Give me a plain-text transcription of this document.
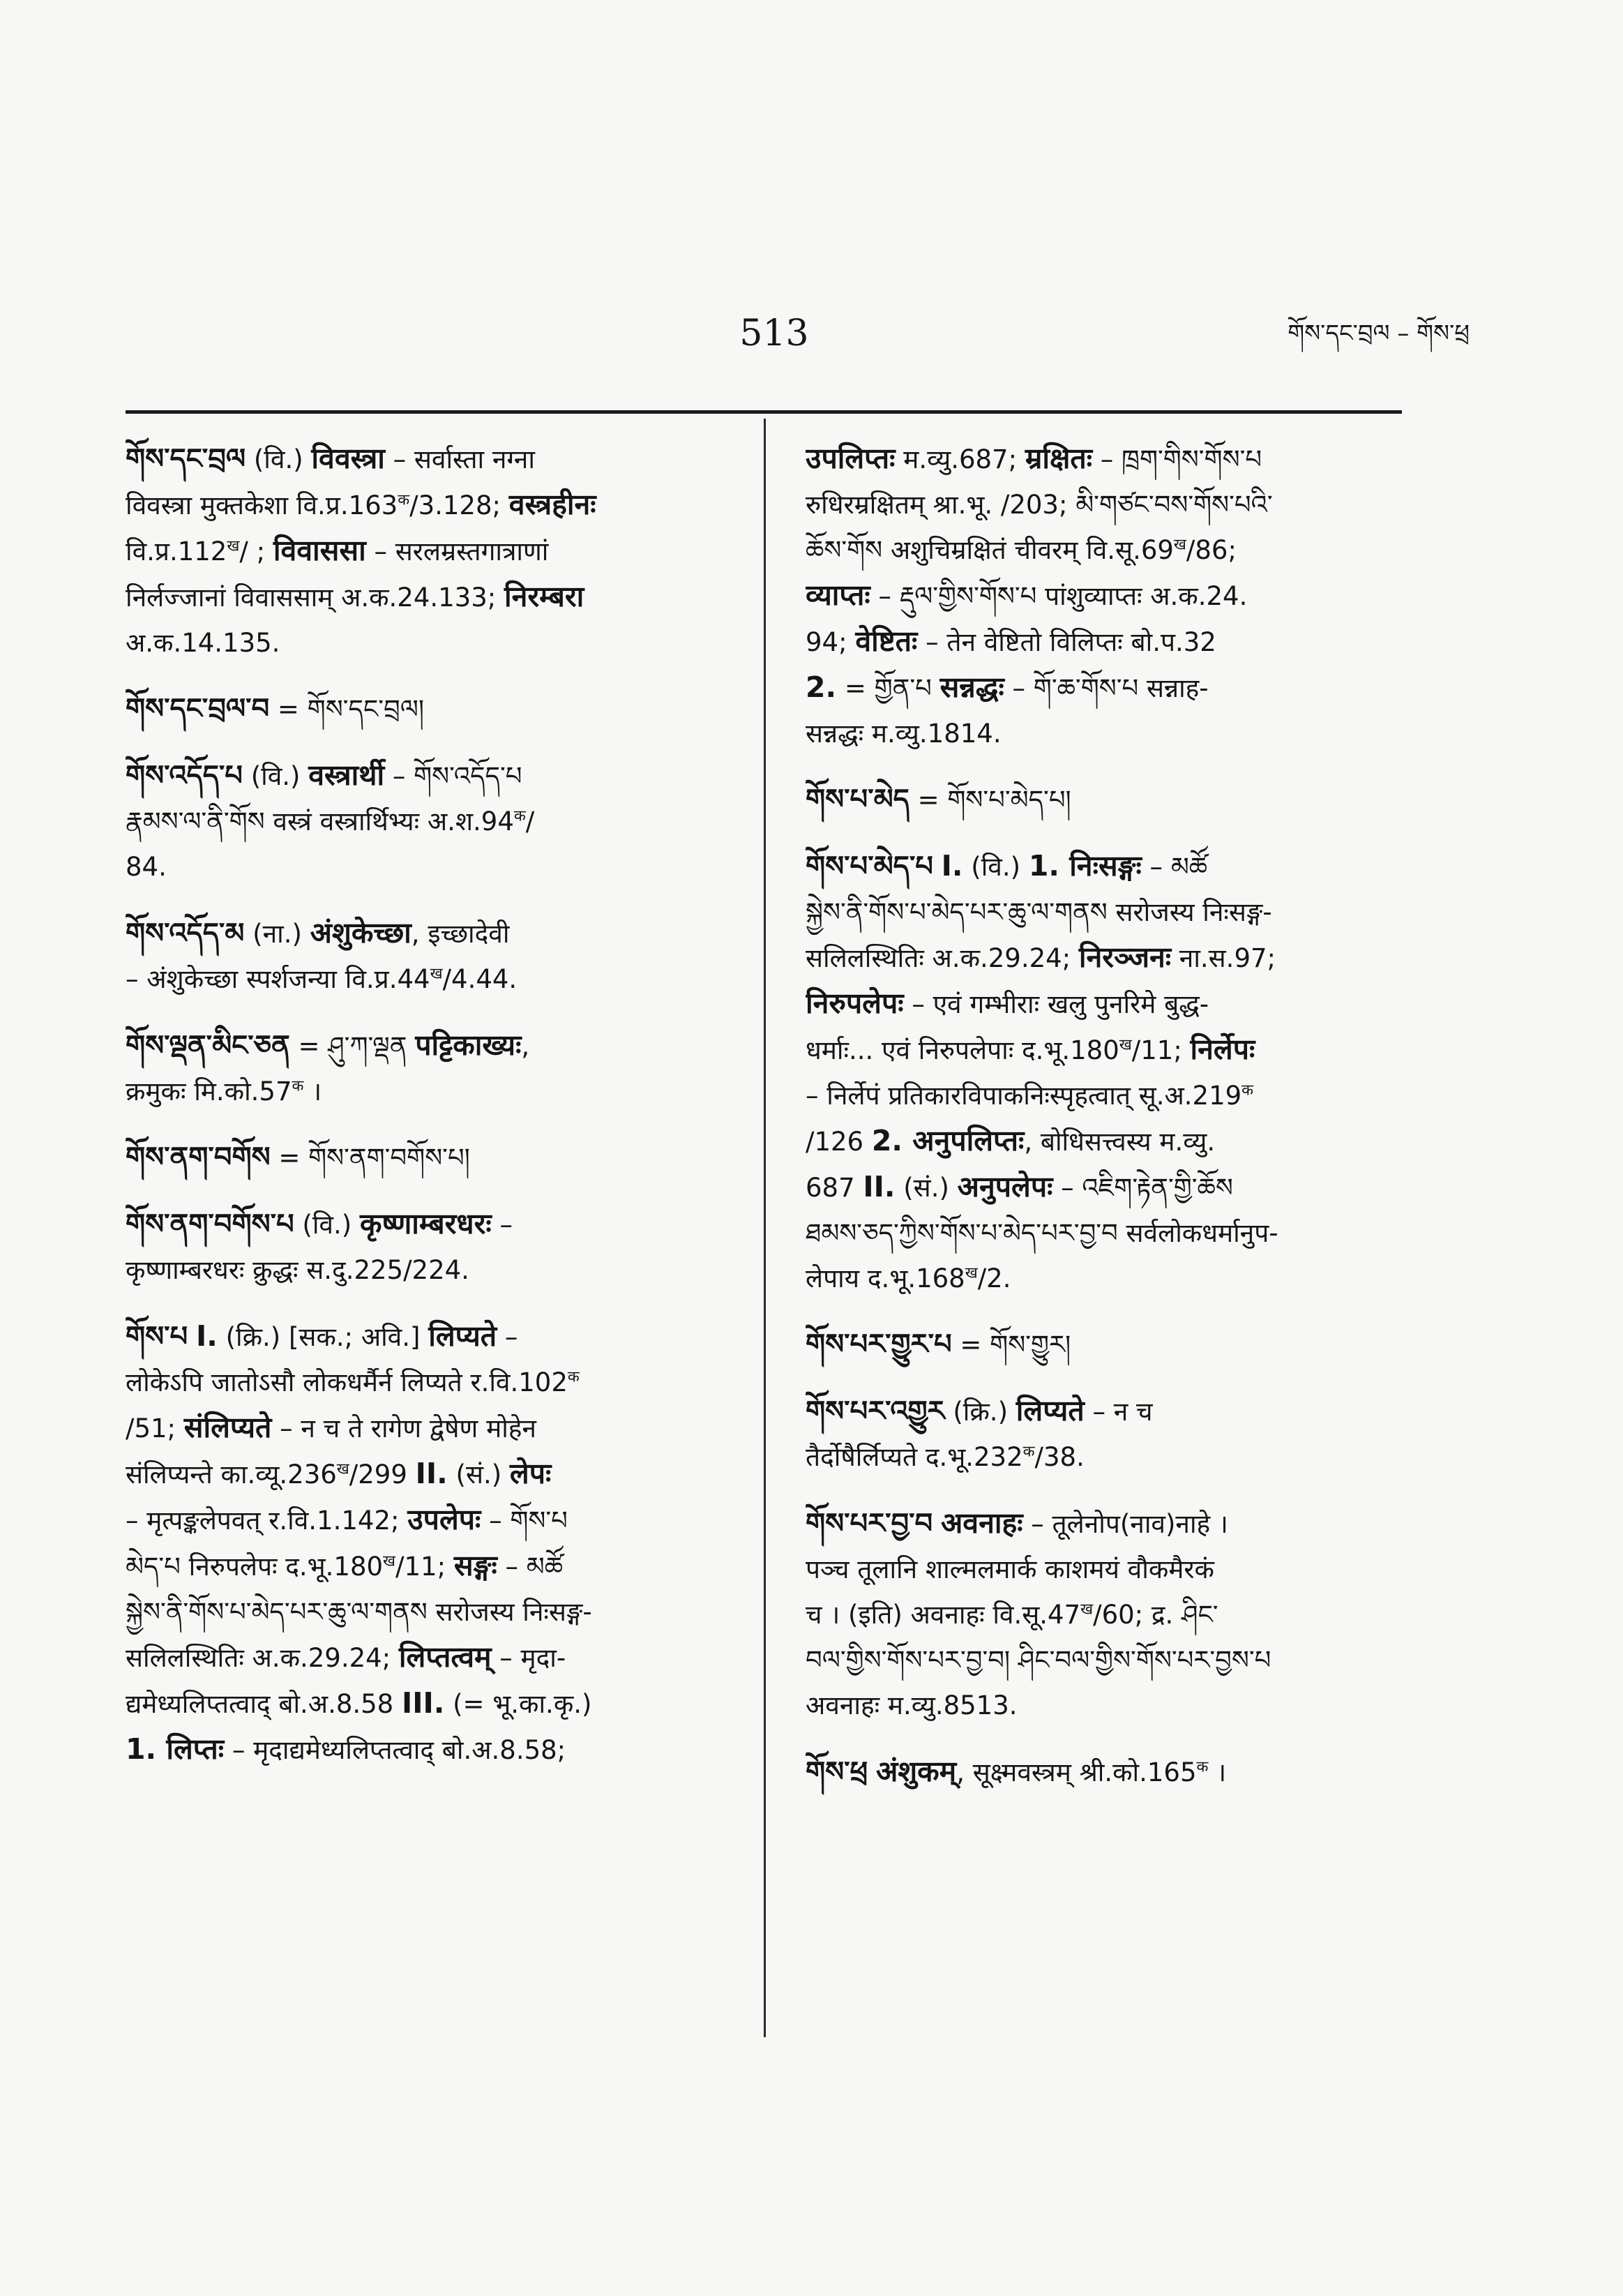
513	གོས་དང་བྲལ – གོས་ཕྲ
གོས་དང་བྲལ (वि.) विवस्त्रा – सर्वास्ता नग्ना
विवस्त्रा मुक्तकेशा $वि.प्र.163^क/3.128$; वस्त्रहीनः
$वि.प्र.112^ख/$ ; विवाससा – सरलम्रस्तगात्राणां
निर्लज्जानां विवाससाम् अ.क.24.133; निरम्बरा
अ.क.14.135.
གོས་དང་བྲལ་བ = གོས་དང་བྲལ།
གོས་འདོད་པ (वि.) वस्त्रार्थी – གོས་འདོད་པ
རྣམས་ལ་ནི་གོས वस्त्रं वस्त्रार्थिभ्यः $अ.श.94^क/$
84.
གོས་འདོད་མ (ना.) अंशुकेच्छा, इच्छादेवी
– अंशुकेच्छा स्पर्शजन्या $वि.प्र.44^ख/4.44$.
གོས་ལྡན་མིང་ཅན = ཤུ་ཀ་ལྡན पट्टिकाख्यः,
क्रमुकः $मि.को.57^क$ ।
གོས་ནག་བགོས = གོས་ནག་བགོས་པ།
གོས་ནག་བགོས་པ (वि.) कृष्णाम्बरधरः –
कृष्णाम्बरधरः क्रुद्धः स.दु.225/224.
གོས་པ I. (क्रि.) [सक.; अवि.] लिप्यते –
लोकेऽपि जातोऽसौ लोकधर्मैर्न लिप्यते $र.वि.102^क$
/51; संलिप्यते – न च ते रागेण द्वेषेण मोहेन
संलिप्यन्ते $का.व्यू.236^ख/299$ II. (सं.) लेपः
– मृत्पङ्कलेपवत् र.वि.1.142; उपलेपः – གོས་པ
མེད་པ निरुपलेपः $द.भू.180^ख/11$; सङ्गः – མཚོ
སྐྱེས་ནི་གོས་པ་མེད་པར་ཆུ་ལ་གནས सरोजस्य निःसङ्ग-
सलिलस्थितिः अ.क.29.24; लिप्तत्वम् – मृदा-
द्यमेध्यलिप्तत्वाद् बो.अ.8.58 III. (= भू.का.कृ.)
1. लिप्तः – मृदाद्यमेध्यलिप्तत्वाद् बो.अ.8.58;
उपलिप्तः म.व्यु.687; म्रक्षितः – ཁྲག་གིས་གོས་པ
रुधिरम्रक्षितम् श्रा.भू. /203; མི་གཙང་བས་གོས་པའི་
ཆོས་གོས अशुचिम्रक्षितं चीवरम् $वि.सू.69^ख/86$;
व्याप्तः – རྡུལ་གྱིས་གོས་པ पांशुव्याप्तः अ.क.24.
94; वेष्टितः – तेन वेष्टितो विलिप्तः बो.प.32
2. = གྱོན་པ सन्नद्धः – གོ་ཆ་གོས་པ सन्नाह-
सन्नद्धः म.व्यु.1814.
གོས་པ་མེད = གོས་པ་མེད་པ།
གོས་པ་མེད་པ I. (वि.) 1. निःसङ्गः – མཚོ
སྐྱེས་ནི་གོས་པ་མེད་པར་ཆུ་ལ་གནས सरोजस्य निःसङ्ग-
सलिलस्थितिः अ.क.29.24; निरञ्जनः ना.स.97;
निरुपलेपः – एवं गम्भीराः खलु पुनरिमे बुद्ध-
धर्माः... एवं निरुपलेपाः $द.भू.180^ख/11$; निर्लेपः
– निर्लेपं प्रतिकारविपाकनिःस्पृहत्वात् $सू.अ.219^क$
/126 2. अनुपलिप्तः, बोधिसत्त्वस्य म.व्यु.
687 II. (सं.) अनुपलेपः – འཇིག་རྟེན་གྱི་ཆོས
ཐམས་ཅད་ཀྱིས་གོས་པ་མེད་པར་བྱ་བ सर्वलोकधर्मानुप-
लेपाय $द.भू.168^ख/2$.
གོས་པར་གྱུར་པ = གོས་གྱུར།
གོས་པར་འགྱུར (क्रि.) लिप्यते – न च
तैर्दोषैर्लिप्यते $द.भू.232^क/38$.
གོས་པར་བྱ་བ अवनाहः – तूलेनोप(नाव)नाहे ।
पञ्च तूलानि शाल्मलमार्क काशमयं वौकमैरकं
च । (इति) अवनाहः $वि.सू.47^ख/60$; द्र. ཤིང་
བལ་གྱིས་གོས་པར་བྱ་བ། ཤིང་བལ་གྱིས་གོས་པར་བྱས་པ
अवनाहः म.व्यु.8513.
གོས་ཕྲ अंशुकम्, सूक्ष्मवस्त्रम् $श्री.को.165^क$ ।
